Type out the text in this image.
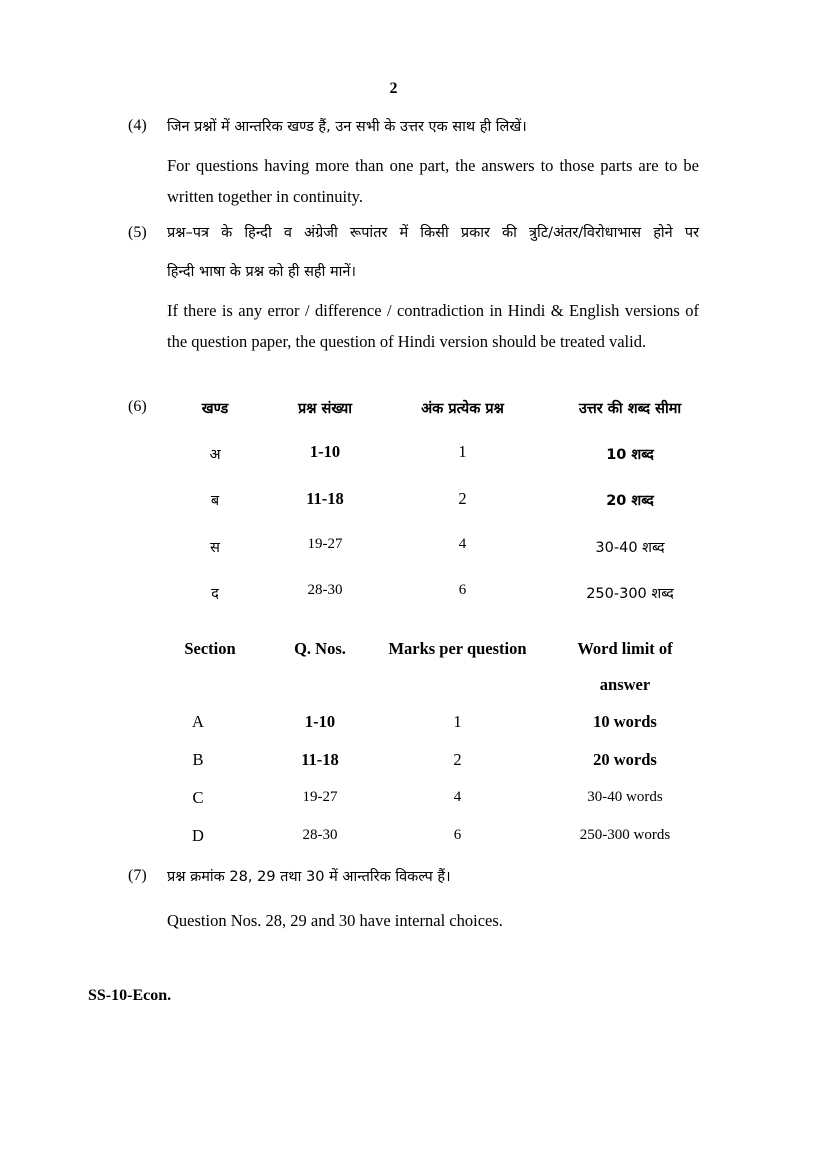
2
(4) जिन प्रश्नों में आन्तरिक खण्ड हैं, उन सभी के उत्तर एक साथ ही लिखें।
For questions having more than one part, the answers to those parts are to be written together in continuity.
(5) प्रश्न–पत्र के हिन्दी व अंग्रेजी रूपांतर में किसी प्रकार की त्रुटि/अंतर/विरोधाभास होने पर
हिन्दी भाषा के प्रश्न को ही सही मानें।
If there is any error / difference / contradiction in Hindi & English versions of the question paper, the question of Hindi version should be treated valid.
(6)	खण्ड	प्रश्न संख्या	अंक प्रत्येक प्रश्न	उत्तर की शब्द सीमा
अ	1-10	1	10 शब्द
ब	11-18	2	20 शब्द
स	19-27	4	30-40 शब्द
द	28-30	6	250-300 शब्द
Section	Q. Nos.	Marks per question	Word limit of
answer
A	1-10	1	10 words
B	11-18	2	20 words
C	19-27	4	30-40 words
D	28-30	6	250-300 words
(7) प्रश्न क्रमांक 28, 29 तथा 30 में आन्तरिक विकल्प हैं।
Question Nos. 28, 29 and 30 have internal choices.
SS-10-Econ.
